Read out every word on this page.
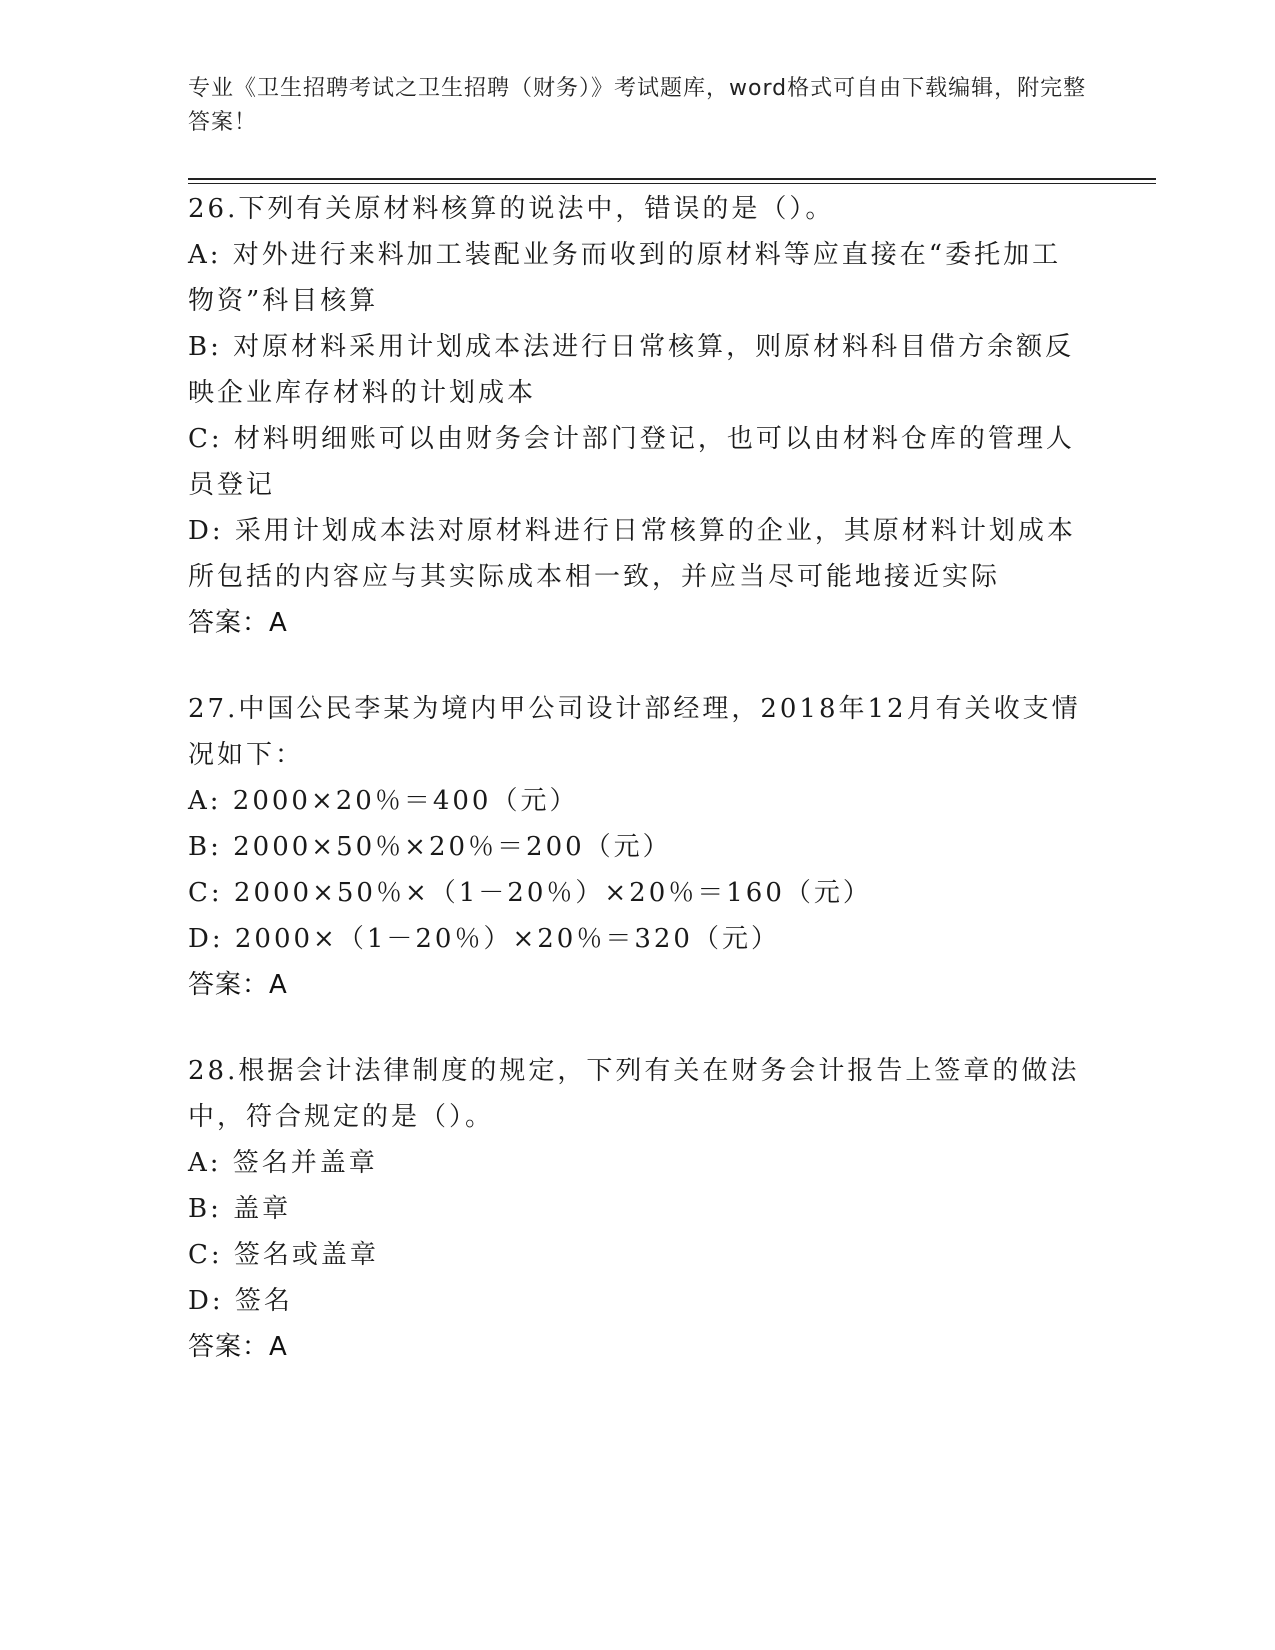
专业《卫生招聘考试之卫生招聘（财务）》考试题库，word格式可自由下载编辑，附完整答案！
26.下列有关原材料核算的说法中，错误的是（）。
A: 对外进行来料加工装配业务而收到的原材料等应直接在“委托加工物资”科目核算
B: 对原材料采用计划成本法进行日常核算，则原材料科目借方余额反映企业库存材料的计划成本
C: 材料明细账可以由财务会计部门登记，也可以由材料仓库的管理人员登记
D: 采用计划成本法对原材料进行日常核算的企业，其原材料计划成本所包括的内容应与其实际成本相一致，并应当尽可能地接近实际
答案：A
27.中国公民李某为境内甲公司设计部经理，2018年12月有关收支情况如下：
A: 2000×20％＝400（元）
B: 2000×50％×20％＝200（元）
C: 2000×50％×（1－20％）×20％＝160（元）
D: 2000×（1－20％）×20％＝320（元）
答案：A
28.根据会计法律制度的规定，下列有关在财务会计报告上签章的做法中，符合规定的是（）。
A: 签名并盖章
B: 盖章
C: 签名或盖章
D: 签名
答案：A
